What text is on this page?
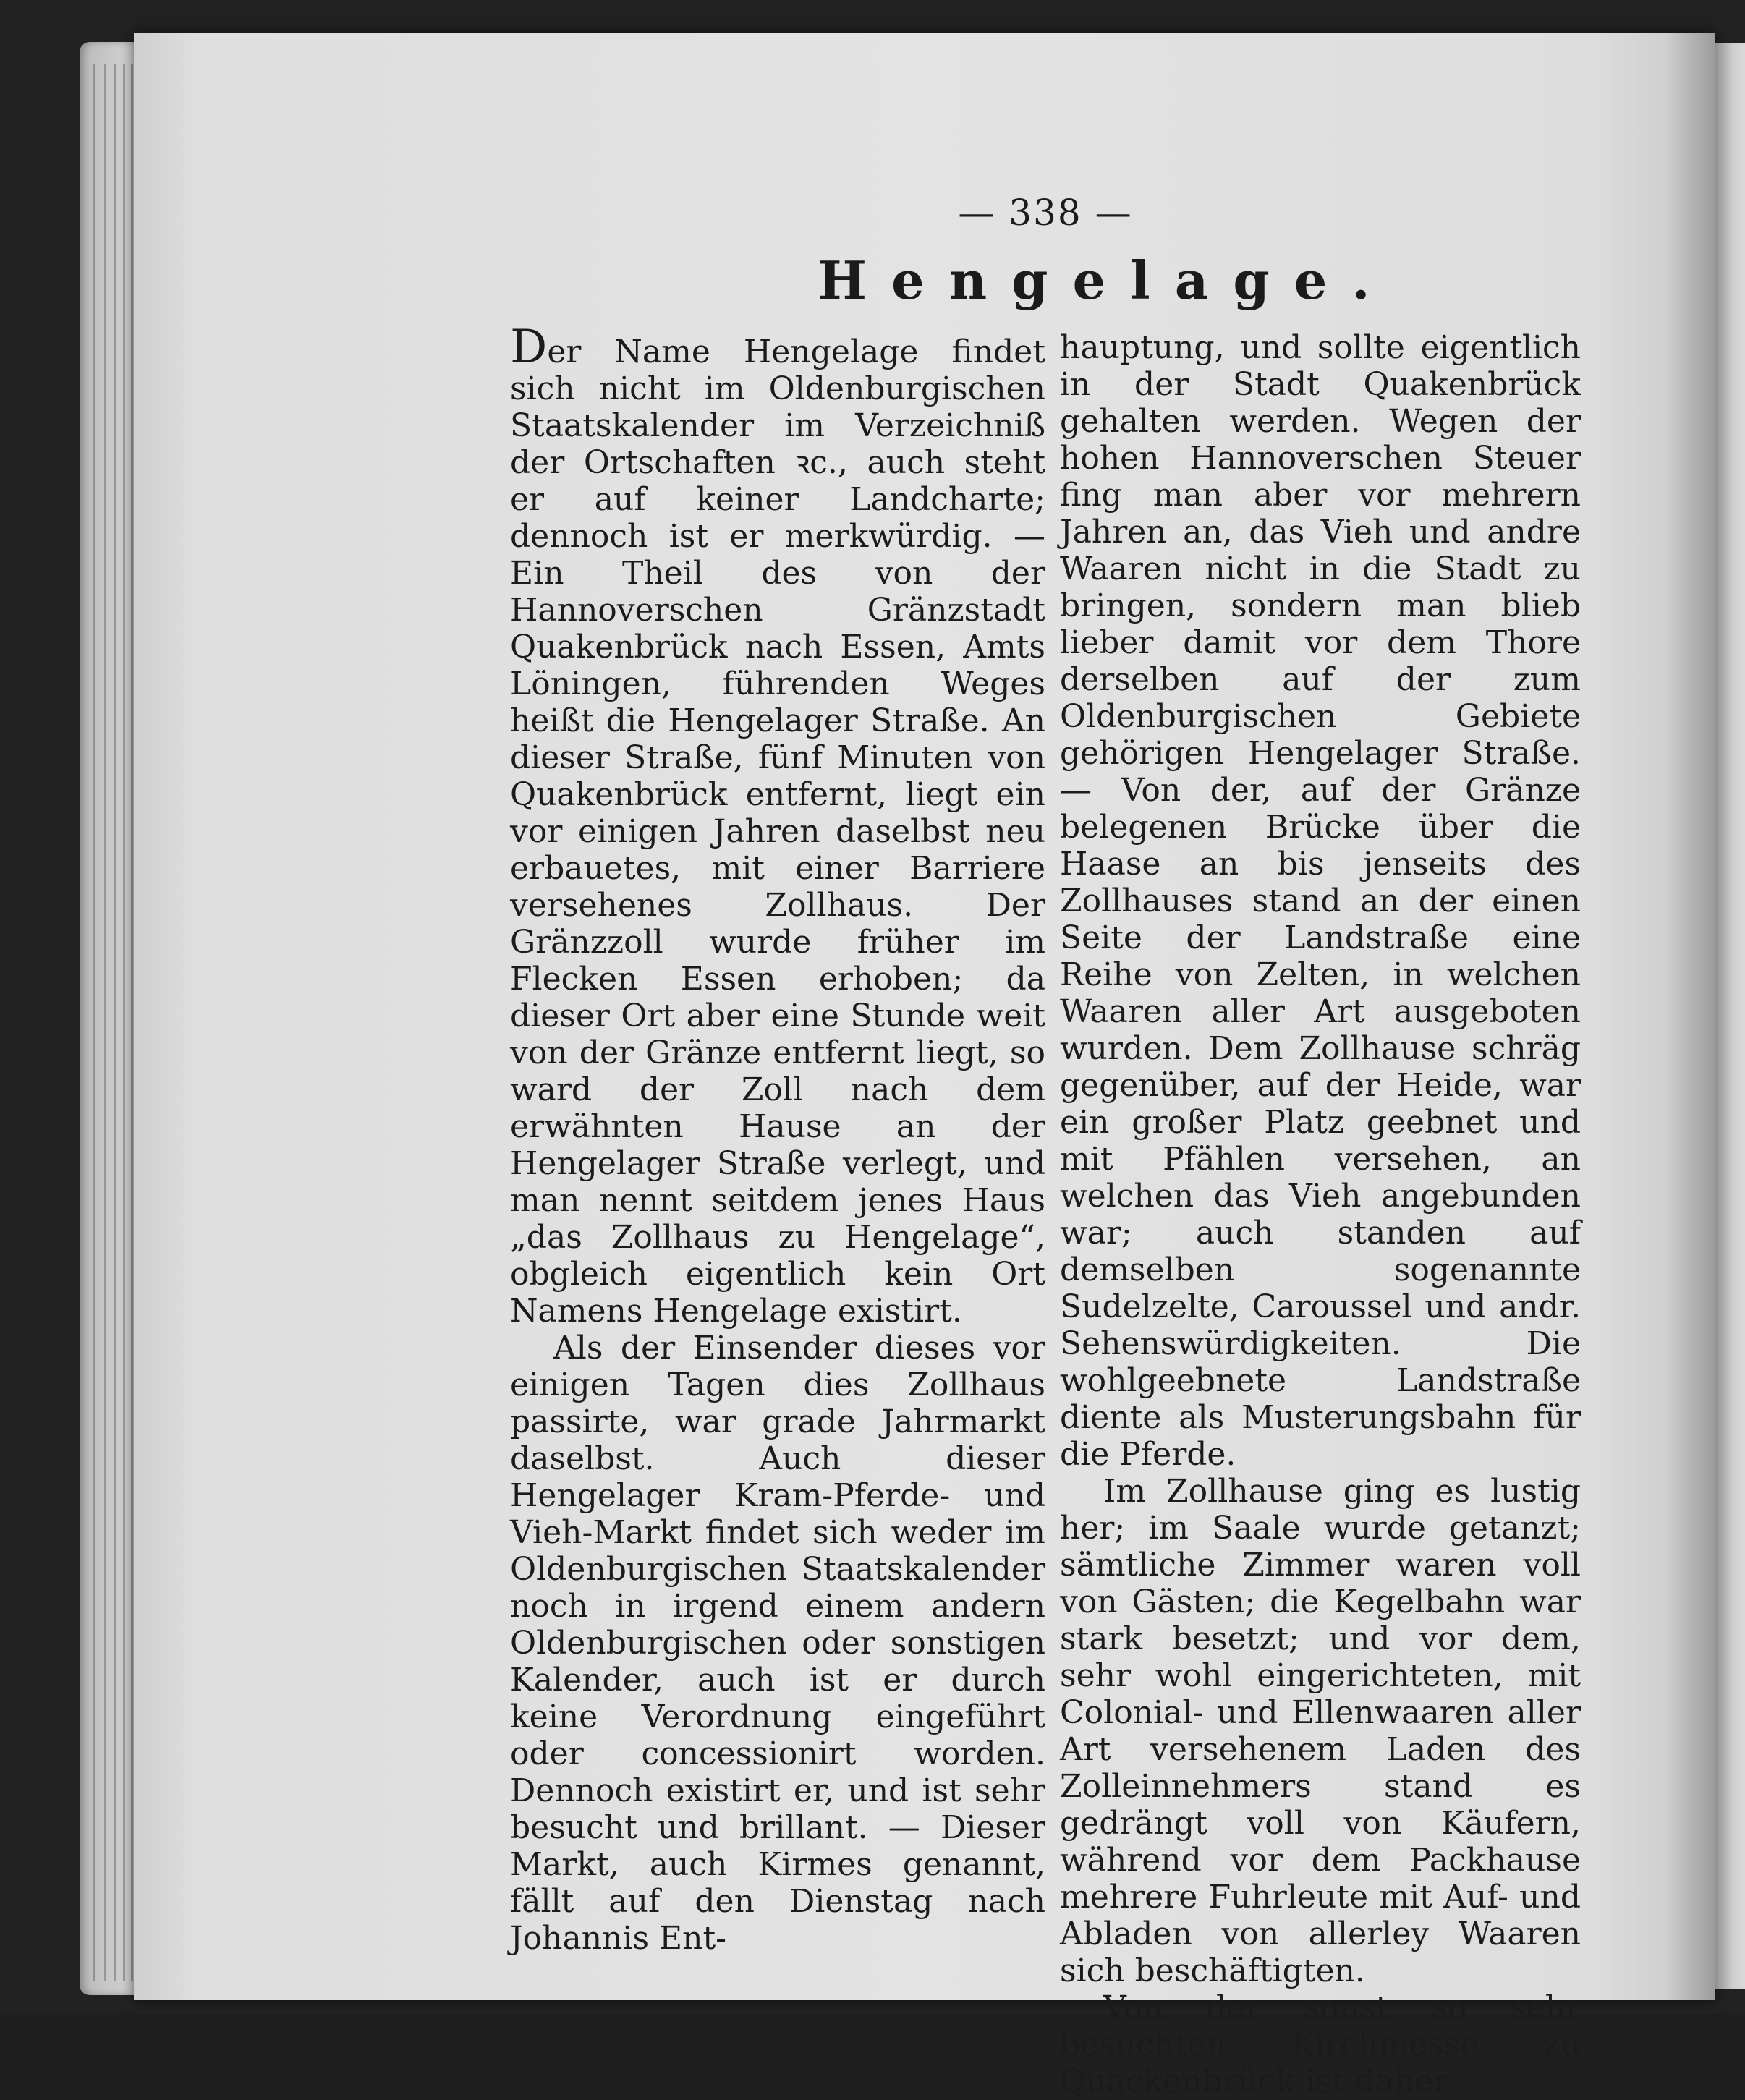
— 338 —
Hengelage.

Der Name Hengelage findet sich nicht im Oldenburgischen Staatskalender im Verzeichniß der Ortschaften ꝛc., auch steht er auf keiner Landcharte; dennoch ist er merkwürdig. — Ein Theil des von der Hannoverschen Gränzstadt Quakenbrück nach Essen, Amts Löningen, führenden Weges heißt die Hengelager Straße. An dieser Straße, fünf Minuten von Quakenbrück entfernt, liegt ein vor einigen Jahren daselbst neu erbauetes, mit einer Barriere versehenes Zollhaus. Der Gränzzoll wurde früher im Flecken Essen erhoben; da dieser Ort aber eine Stunde weit von der Gränze entfernt liegt, so ward der Zoll nach dem erwähnten Hause an der Hengelager Straße verlegt, und man nennt seitdem jenes Haus „das Zollhaus zu Hengelage“, obgleich eigentlich kein Ort Namens Hengelage existirt.

Als der Einsender dieses vor einigen Tagen dies Zollhaus passirte, war grade Jahrmarkt daselbst. Auch dieser Hengelager Kram-Pferde- und Vieh-Markt findet sich weder im Oldenburgischen Staatskalender noch in irgend einem andern Oldenburgischen oder sonstigen Kalender, auch ist er durch keine Verordnung eingeführt oder concessionirt worden. Dennoch existirt er, und ist sehr besucht und brillant. — Dieser Markt, auch Kirmes genannt, fällt auf den Dienstag nach Johannis Ent-

hauptung, und sollte eigentlich in der Stadt Quakenbrück gehalten werden. Wegen der hohen Hannoverschen Steuer fing man aber vor mehrern Jahren an, das Vieh und andre Waaren nicht in die Stadt zu bringen, sondern man blieb lieber damit vor dem Thore derselben auf der zum Oldenburgischen Gebiete gehörigen Hengelager Straße. — Von der, auf der Gränze belegenen Brücke über die Haase an bis jenseits des Zollhauses stand an der einen Seite der Landstraße eine Reihe von Zelten, in welchen Waaren aller Art ausgeboten wurden. Dem Zollhause schräg gegenüber, auf der Heide, war ein großer Platz geebnet und mit Pfählen versehen, an welchen das Vieh angebunden war; auch standen auf demselben sogenannte Sudelzelte, Caroussel und andr. Sehenswürdigkeiten. Die wohlgeebnete Landstraße diente als Musterungsbahn für die Pferde.

Im Zollhause ging es lustig her; im Saale wurde getanzt; sämtliche Zimmer waren voll von Gästen; die Kegelbahn war stark besetzt; und vor dem, sehr wohl eingerichteten, mit Colonial- und Ellenwaaren aller Art versehenem Laden des Zolleinnehmers stand es gedrängt voll von Käufern, während vor dem Packhause mehrere Fuhrleute mit Auf- und Abladen von allerley Waaren sich beschäftigten.

Von der sonst so sehr besuchten Kirchmesse zu Quackenbrück ist daher
